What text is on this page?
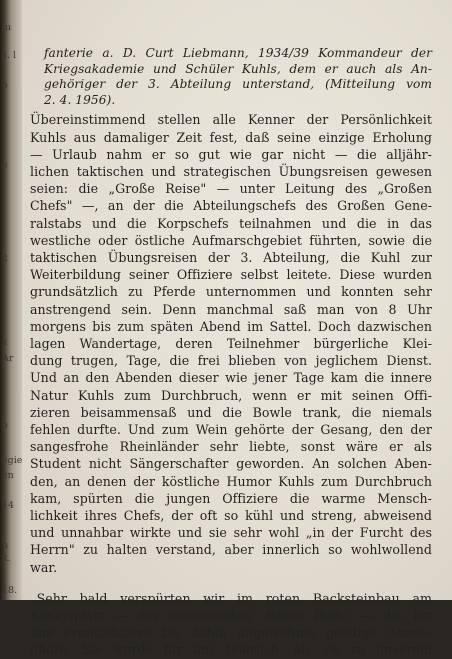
lu
s. l
o
e
2
x
Ar
o
egie
en
14
n
k.
18.
fanterie a. D. Curt Liebmann, 1934/39 Kommandeur der
Kriegsakademie und Schüler Kuhls, dem er auch als An-
gehöriger der 3. Abteilung unterstand, (Mitteilung vom
2. 4. 1956).
Übereinstimmend stellen alle Kenner der Persönlichkeit
Kuhls aus damaliger Zeit fest, daß seine einzige Erholung
— Urlaub nahm er so gut wie gar nicht — die alljähr-
lichen taktischen und strategischen Übungsreisen gewesen
seien: die „Große Reise" — unter Leitung des „Großen
Chefs" —, an der die Abteilungschefs des Großen Gene-
ralstabs und die Korpschefs teilnahmen und die in das
westliche oder östliche Aufmarschgebiet führten, sowie die
taktischen Übungsreisen der 3. Abteilung, die Kuhl zur
Weiterbildung seiner Offiziere selbst leitete. Diese wurden
grundsätzlich zu Pferde unternommen und konnten sehr
anstrengend sein. Denn manchmal saß man von 8 Uhr
morgens bis zum späten Abend im Sattel. Doch dazwischen
lagen Wandertage, deren Teilnehmer bürgerliche Klei-
dung trugen, Tage, die frei blieben von jeglichem Dienst.
Und an den Abenden dieser wie jener Tage kam die innere
Natur Kuhls zum Durchbruch, wenn er mit seinen Offi-
zieren beisammensaß und die Bowle trank, die niemals
fehlen durfte. Und zum Wein gehörte der Gesang, den der
sangesfrohe Rheinländer sehr liebte, sonst wäre er als
Student nicht Sängerschafter geworden. An solchen Aben-
den, an denen der köstliche Humor Kuhls zum Durchbruch
kam, spürten die jungen Offiziere die warme Mensch-
lichkeit ihres Chefs, der oft so kühl und streng, abweisend
und unnahbar wirkte und sie sehr wohl „in der Furcht des
Herrn" zu halten verstand, aber innerlich so wohlwollend
war.
„Sehr bald verspürten wir im roten Backsteinbau am
Königsplatz — der sogenannten ‚Roten Bude' — die für
uns Frontoffiziere bis dahin ungewohnte geistige Atmos-
phäre. Sie wurde für uns feierlich, als sie zu unserem
